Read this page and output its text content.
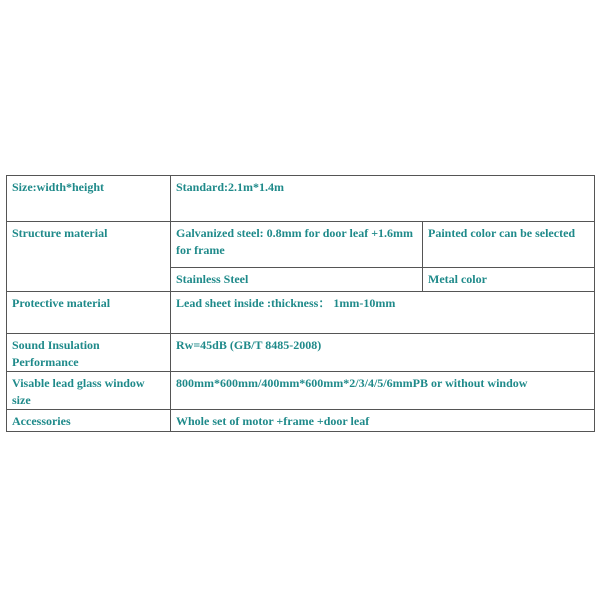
Size:width*height	Standard:2.1m*1.4m	
Structure material	Galvanized steel: 0.8mm for door leaf +1.6mm for frame	Painted color can be selected
	Stainless Steel	Metal color
Protective material	Lead sheet inside :thickness： 1mm-10mm	
Sound Insulation Performance	Rw=45dB (GB/T 8485-2008)	
Visable lead glass window size	800mm*600mm/400mm*600mm*2/3/4/5/6mmPB or without window	
Accessories	Whole set of motor +frame +door leaf	
